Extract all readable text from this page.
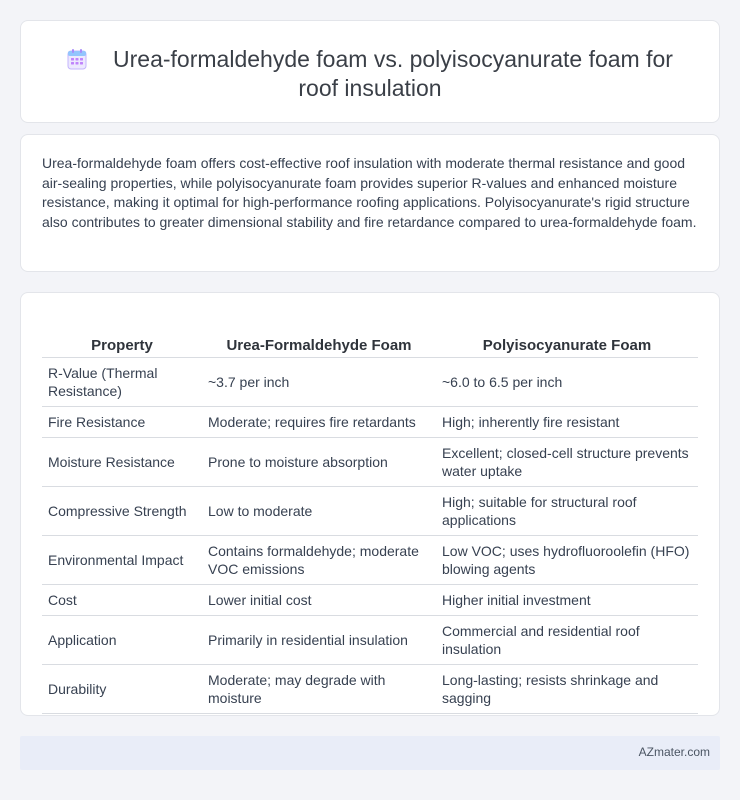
Urea-formaldehyde foam vs. polyisocyanurate foam for roof insulation

Urea-formaldehyde foam offers cost-effective roof insulation with moderate thermal resistance and good air-sealing properties, while polyisocyanurate foam provides superior R-values and enhanced moisture resistance, making it optimal for high-performance roofing applications. Polyisocyanurate's rigid structure also contributes to greater dimensional stability and fire retardance compared to urea-formaldehyde foam.

Property	Urea-Formaldehyde Foam	Polyisocyanurate Foam
R-Value (Thermal Resistance)	~3.7 per inch	~6.0 to 6.5 per inch
Fire Resistance	Moderate; requires fire retardants	High; inherently fire resistant
Moisture Resistance	Prone to moisture absorption	Excellent; closed-cell structure prevents water uptake
Compressive Strength	Low to moderate	High; suitable for structural roof applications
Environmental Impact	Contains formaldehyde; moderate VOC emissions	Low VOC; uses hydrofluoroolefin (HFO) blowing agents
Cost	Lower initial cost	Higher initial investment
Application	Primarily in residential insulation	Commercial and residential roof insulation
Durability	Moderate; may degrade with moisture	Long-lasting; resists shrinkage and sagging
AZmater.com
